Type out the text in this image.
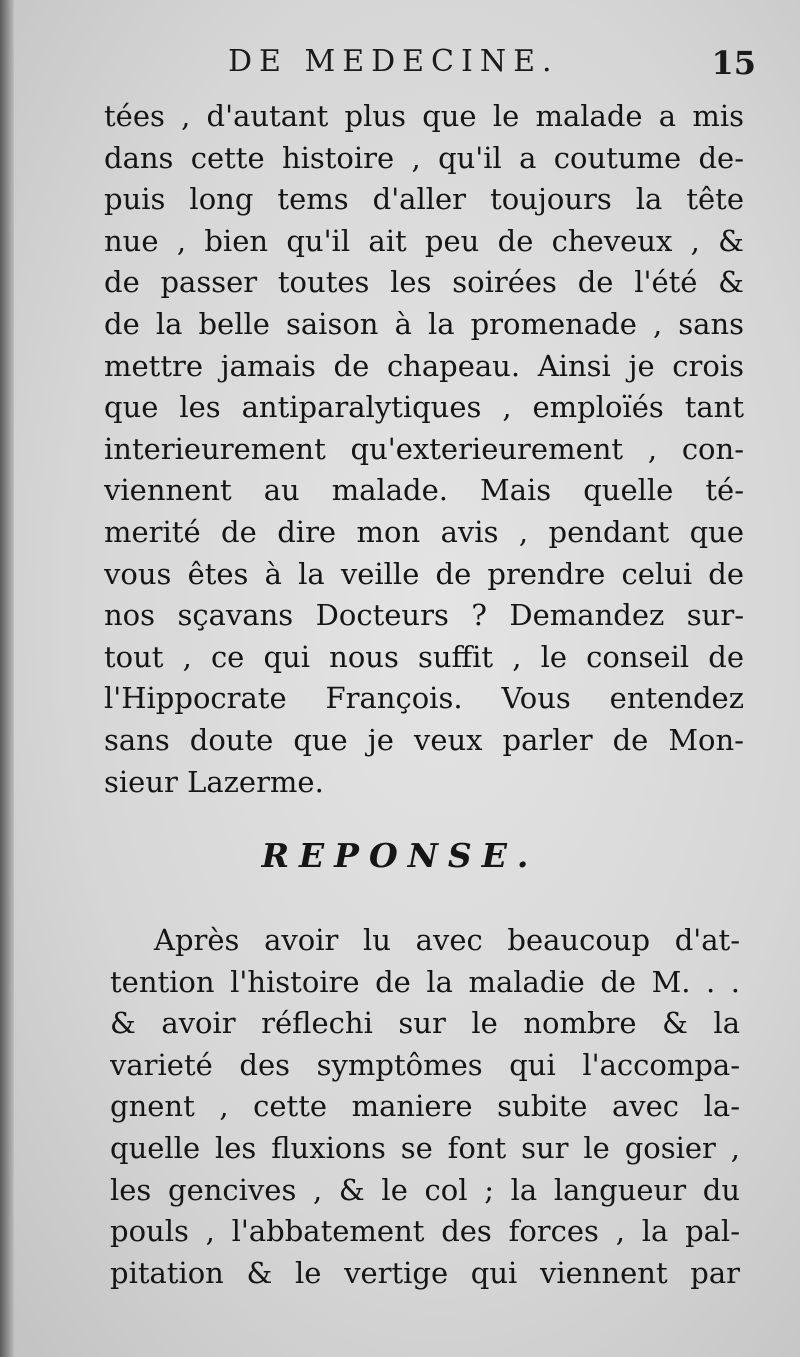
DE MEDECINE.	15
tées , d'autant plus que le malade a mis
dans cette histoire , qu'il a coutume de-
puis long tems d'aller toujours la tête
nue , bien qu'il ait peu de cheveux , &
de passer toutes les soirées de l'été &
de la belle saison à la promenade , sans
mettre jamais de chapeau. Ainsi je crois
que les antiparalytiques , emploïés tant
interieurement qu'exterieurement , con-
viennent au malade. Mais quelle té-
merité de dire mon avis , pendant que
vous êtes à la veille de prendre celui de
nos sçavans Docteurs ? Demandez sur-
tout , ce qui nous suffit , le conseil de
l'Hippocrate François. Vous entendez
sans doute que je veux parler de Mon-
sieur Lazerme.
REPONSE.
Après avoir lu avec beaucoup d'at-
tention l'histoire de la maladie de M. . .
& avoir réflechi sur le nombre & la
varieté des symptômes qui l'accompa-
gnent , cette maniere subite avec la-
quelle les fluxions se font sur le gosier ,
les gencives , & le col ; la langueur du
pouls , l'abbatement des forces , la pal-
pitation & le vertige qui viennent par
